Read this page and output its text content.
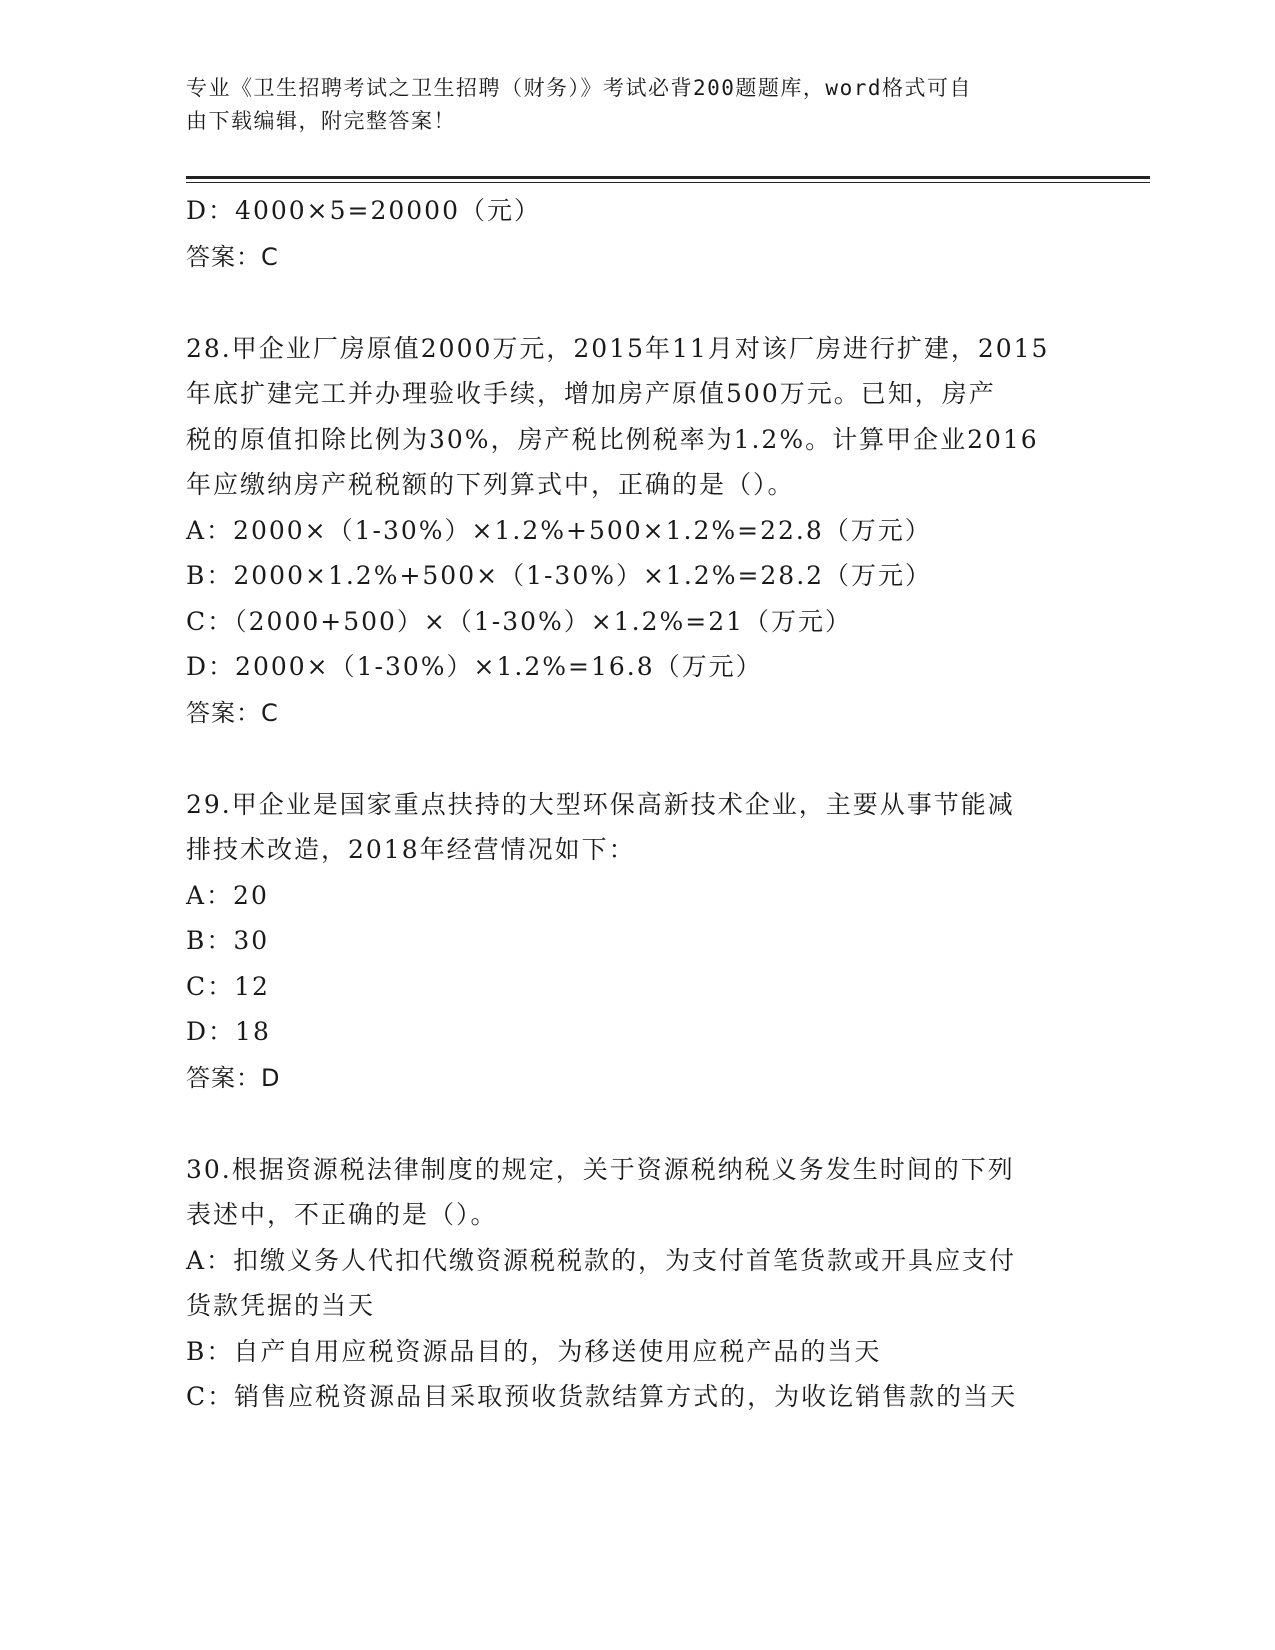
专业《卫生招聘考试之卫生招聘（财务）》考试必背200题题库，word格式可自
由下载编辑，附完整答案！
D：4000×5=20000（元）
答案：C
28.甲企业厂房原值2000万元，2015年11月对该厂房进行扩建，2015
年底扩建完工并办理验收手续，增加房产原值500万元。已知，房产
税的原值扣除比例为30%，房产税比例税率为1.2%。计算甲企业2016
年应缴纳房产税税额的下列算式中，正确的是（）。
A：2000×（1-30%）×1.2%+500×1.2%=22.8（万元）
B：2000×1.2%+500×（1-30%）×1.2%=28.2（万元）
C：（2000+500）×（1-30%）×1.2%=21（万元）
D：2000×（1-30%）×1.2%=16.8（万元）
答案：C
29.甲企业是国家重点扶持的大型环保高新技术企业，主要从事节能减
排技术改造，2018年经营情况如下：
A：20
B：30
C：12
D：18
答案：D
30.根据资源税法律制度的规定，关于资源税纳税义务发生时间的下列
表述中，不正确的是（）。
A：扣缴义务人代扣代缴资源税税款的，为支付首笔货款或开具应支付
货款凭据的当天
B：自产自用应税资源品目的，为移送使用应税产品的当天
C：销售应税资源品目采取预收货款结算方式的，为收讫销售款的当天
